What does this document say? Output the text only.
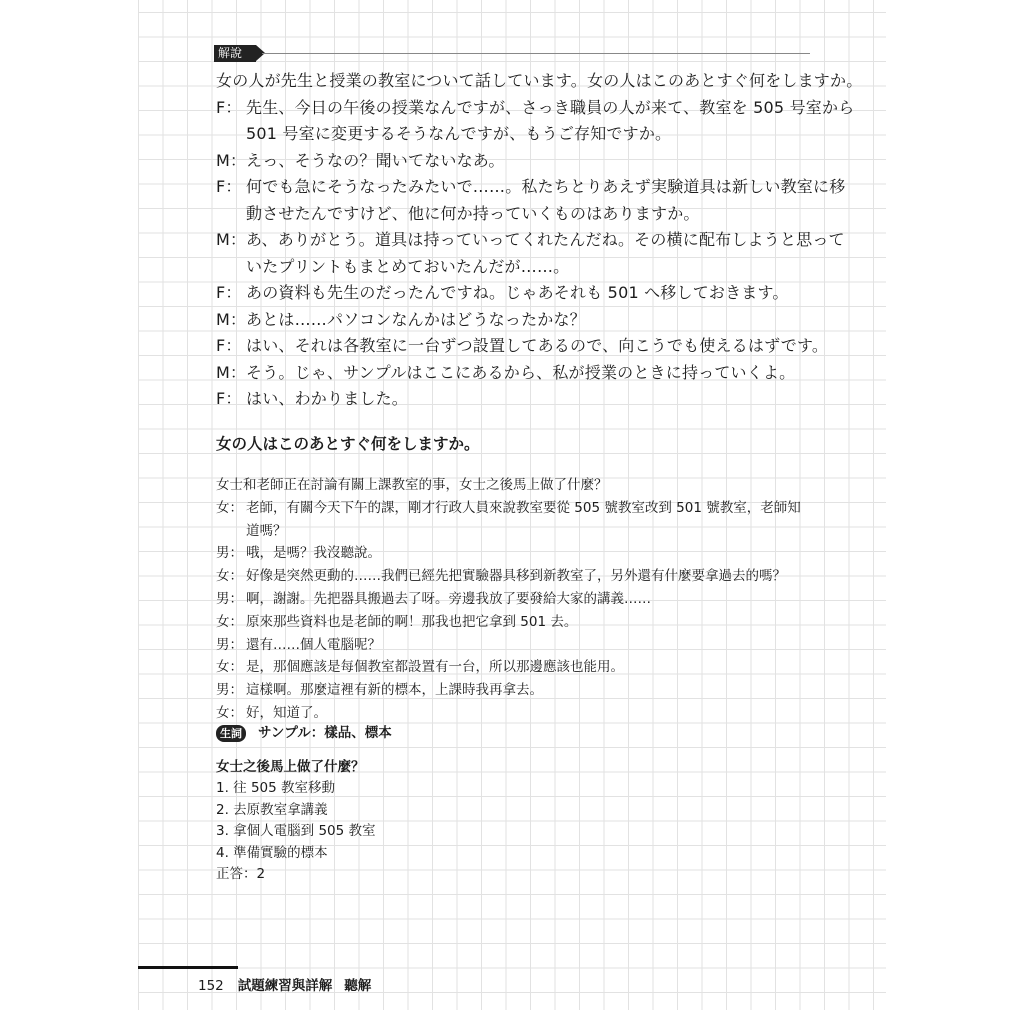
解說
女の人が先生と授業の教室について話しています。女の人はこのあとすぐ何をしますか。
F： 先生、今日の午後の授業なんですが、さっき職員の人が来て、教室を 505 号室から
501 号室に変更するそうなんですが、もうご存知ですか。
M：えっ、そうなの？聞いてないなあ。
F： 何でも急にそうなったみたいで……。私たちとりあえず実験道具は新しい教室に移
動させたんですけど、他に何か持っていくものはありますか。
M：あ、ありがとう。道具は持っていってくれたんだね。その横に配布しようと思って
いたプリントもまとめておいたんだが……。
F： あの資料も先生のだったんですね。じゃあそれも 501 へ移しておきます。
M：あとは……パソコンなんかはどうなったかな？
F： はい、それは各教室に一台ずつ設置してあるので、向こうでも使えるはずです。
M：そう。じゃ、サンプルはここにあるから、私が授業のときに持っていくよ。
F： はい、わかりました。
女の人はこのあとすぐ何をしますか。
女士和老師正在討論有關上課教室的事，女士之後馬上做了什麼？
女： 老師，有關今天下午的課，剛才行政人員來說教室要從 505 號教室改到 501 號教室，老師知
道嗎？
男： 哦，是嗎？我沒聽說。
女： 好像是突然更動的……我們已經先把實驗器具移到新教室了，另外還有什麼要拿過去的嗎？
男： 啊，謝謝。先把器具搬過去了呀。旁邊我放了要發給大家的講義……
女： 原來那些資料也是老師的啊！那我也把它拿到 501 去。
男： 還有……個人電腦呢？
女： 是，那個應該是每個教室都設置有一台，所以那邊應該也能用。
男： 這樣啊。那麼這裡有新的標本，上課時我再拿去。
女： 好，知道了。
生詞 サンプル：樣品、標本
女士之後馬上做了什麼？
1. 往 505 教室移動
2. 去原教室拿講義
3. 拿個人電腦到 505 教室
4. 準備實驗的標本
正答：2
152 試題練習與詳解 聽解
